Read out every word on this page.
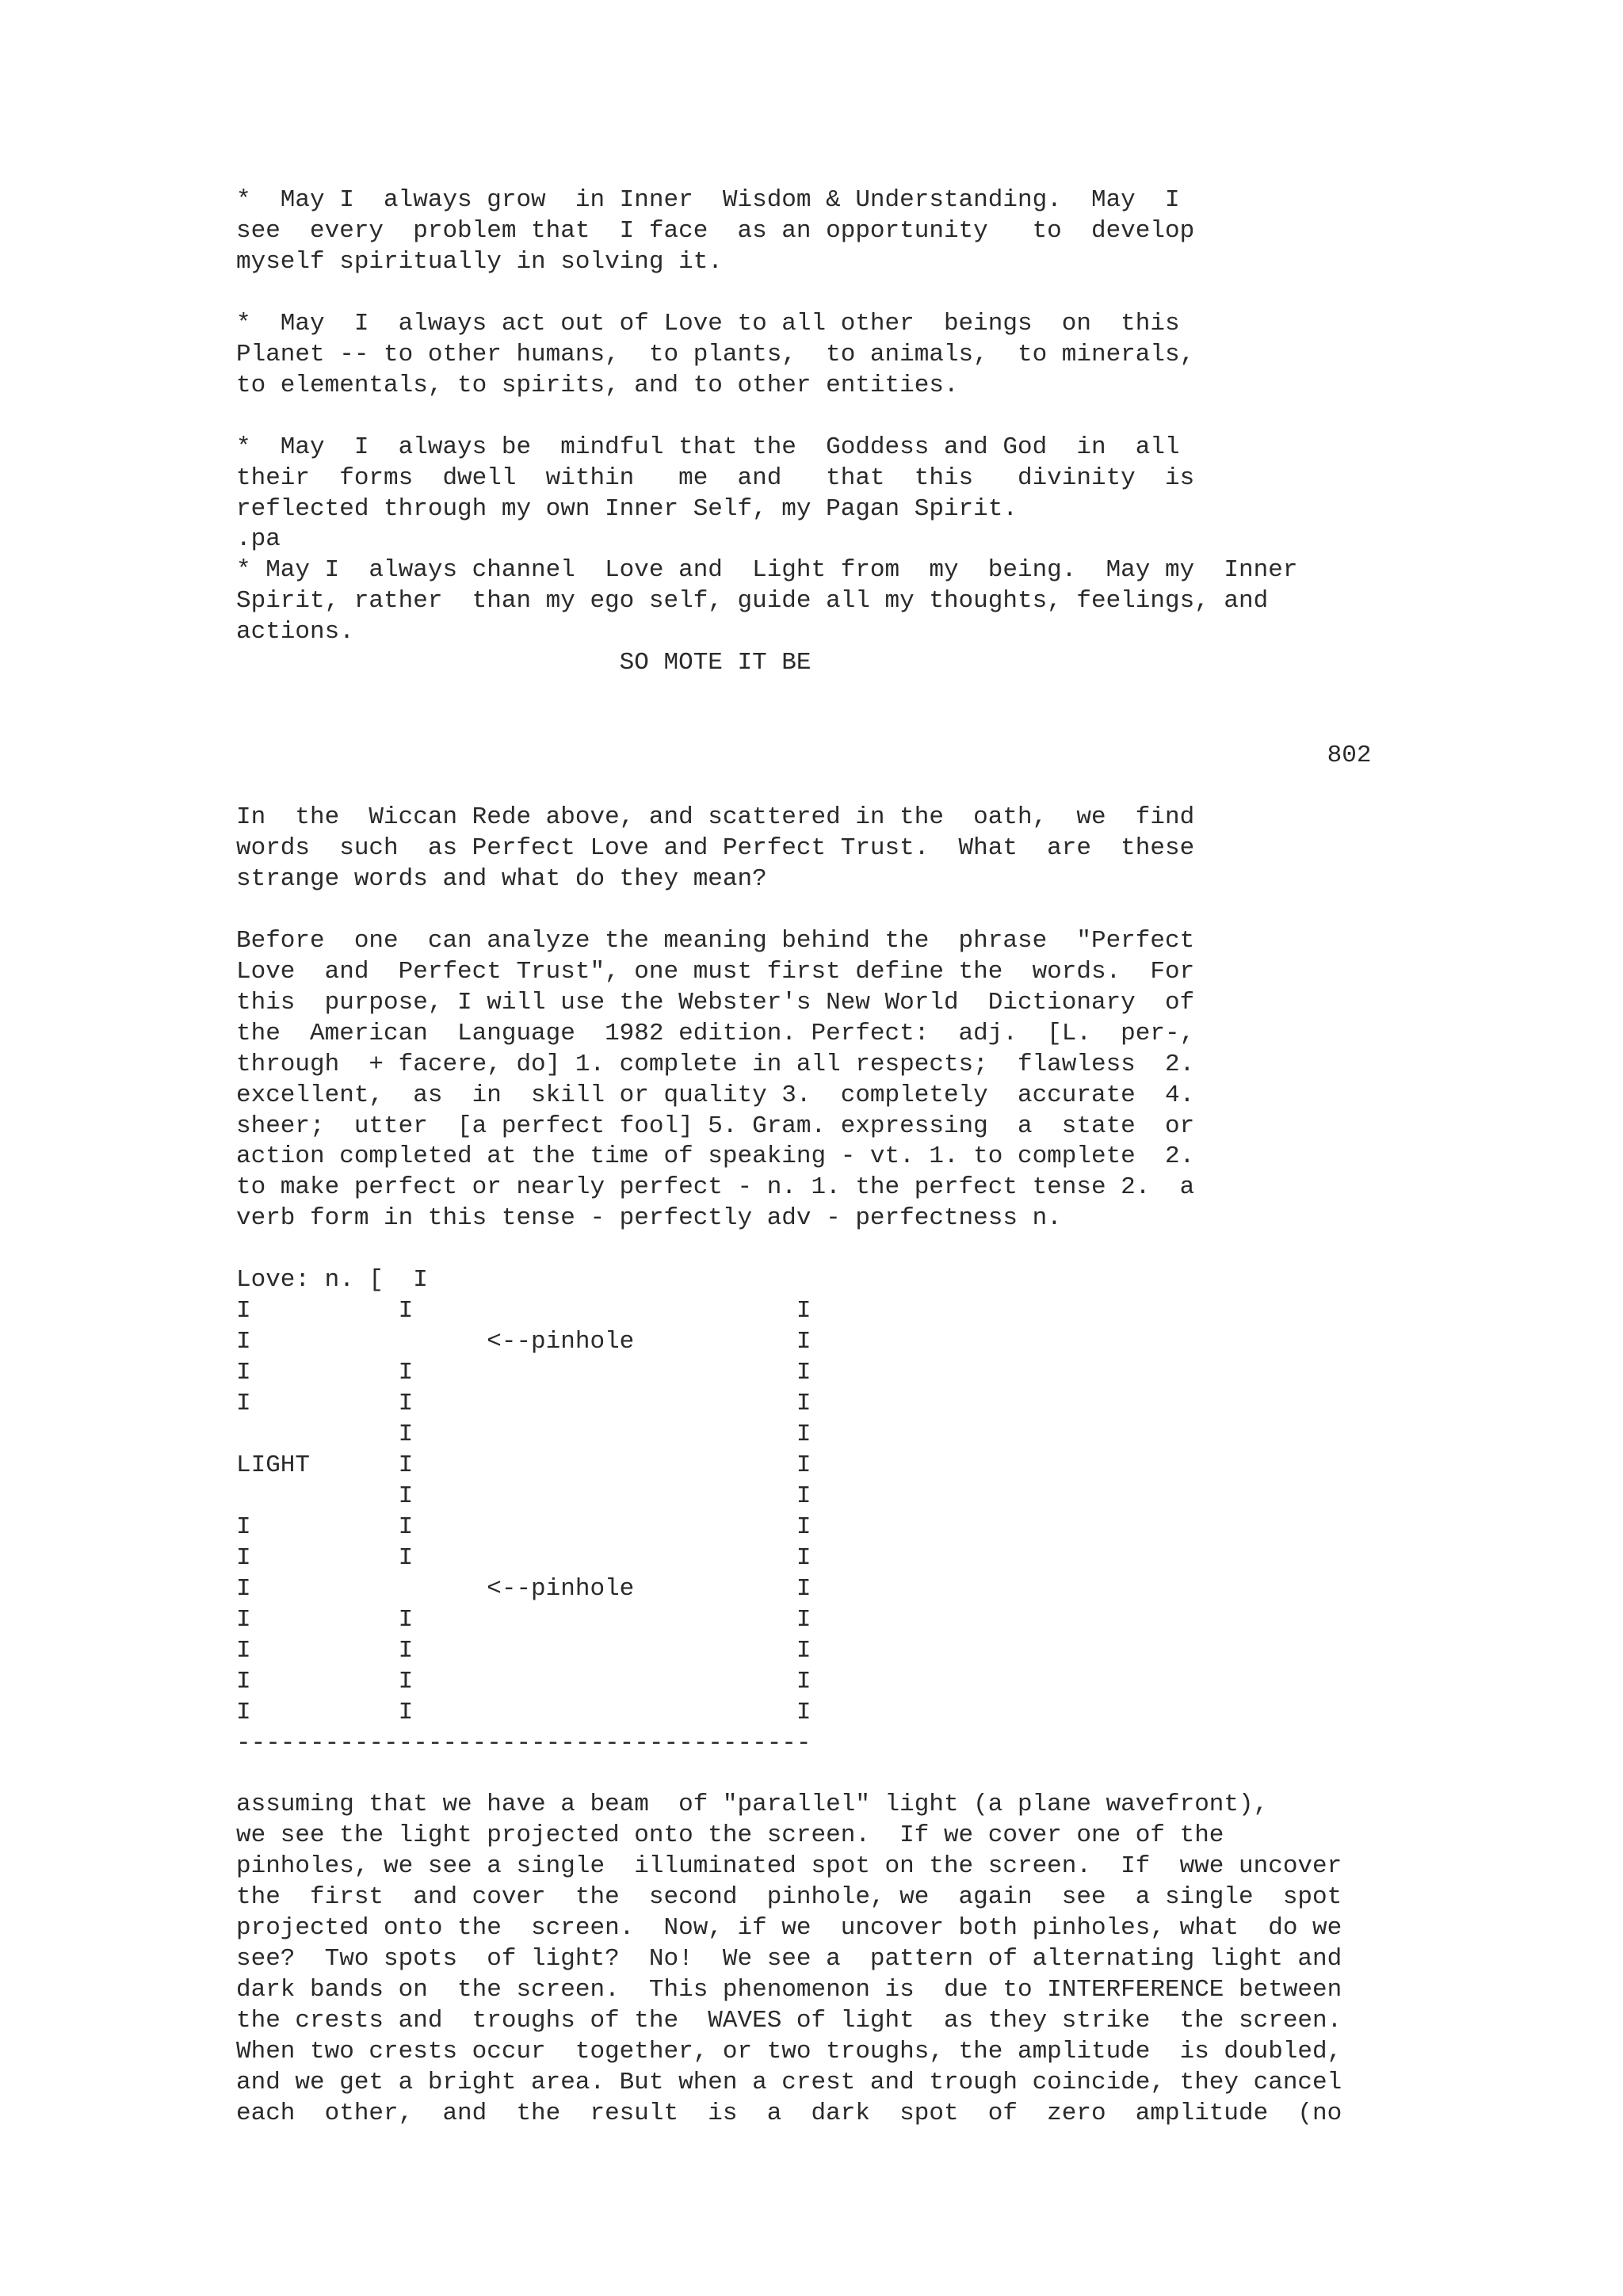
*  May I  always grow  in Inner  Wisdom & Understanding.  May  I
see  every  problem that  I face  as an opportunity   to  develop
myself spiritually in solving it.
*  May  I  always act out of Love to all other  beings  on  this
Planet -- to other humans,  to plants,  to animals,  to minerals,
to elementals, to spirits, and to other entities.
*  May  I  always be  mindful that the  Goddess and God  in  all
their  forms  dwell  within   me  and   that  this   divinity  is
reflected through my own Inner Self, my Pagan Spirit.
.pa
* May I  always channel  Love and  Light from  my  being.  May my  Inner
Spirit, rather  than my ego self, guide all my thoughts, feelings, and
actions.
SO MOTE IT BE
802
In  the  Wiccan Rede above, and scattered in the  oath,  we  find
words  such  as Perfect Love and Perfect Trust.  What  are  these
strange words and what do they mean?
Before  one  can analyze the meaning behind the  phrase  "Perfect
Love  and  Perfect Trust", one must first define the  words.  For
this  purpose, I will use the Webster's New World  Dictionary  of
the  American  Language  1982 edition. Perfect:  adj.  [L.  per-,
through  + facere, do] 1. complete in all respects;  flawless  2.
excellent,  as  in  skill or quality 3.  completely  accurate  4.
sheer;  utter  [a perfect fool] 5. Gram. expressing  a  state  or
action completed at the time of speaking - vt. 1. to complete  2.
to make perfect or nearly perfect - n. 1. the perfect tense 2.  a
verb form in this tense - perfectly adv - perfectness n.
Love: n. [  I
I          I                          I
I                <--pinhole           I
I          I                          I
I          I                          I
I                          I
LIGHT      I                          I
I                          I
I          I                          I
I          I                          I
I                <--pinhole           I
I          I                          I
I          I                          I
I          I                          I
I          I                          I
---------------------------------------
assuming that we have a beam  of "parallel" light (a plane wavefront),
we see the light projected onto the screen.  If we cover one of the
pinholes, we see a single  illuminated spot on the screen.  If  wwe uncover
the  first  and cover  the  second  pinhole, we  again  see  a single  spot
projected onto the  screen.  Now, if we  uncover both pinholes, what  do we
see?  Two spots  of light?  No!  We see a  pattern of alternating light and
dark bands on  the screen.  This phenomenon is  due to INTERFERENCE between
the crests and  troughs of the  WAVES of light  as they strike  the screen.
When two crests occur  together, or two troughs, the amplitude  is doubled,
and we get a bright area. But when a crest and trough coincide, they cancel
each  other,  and  the  result  is  a  dark  spot  of  zero  amplitude  (no
